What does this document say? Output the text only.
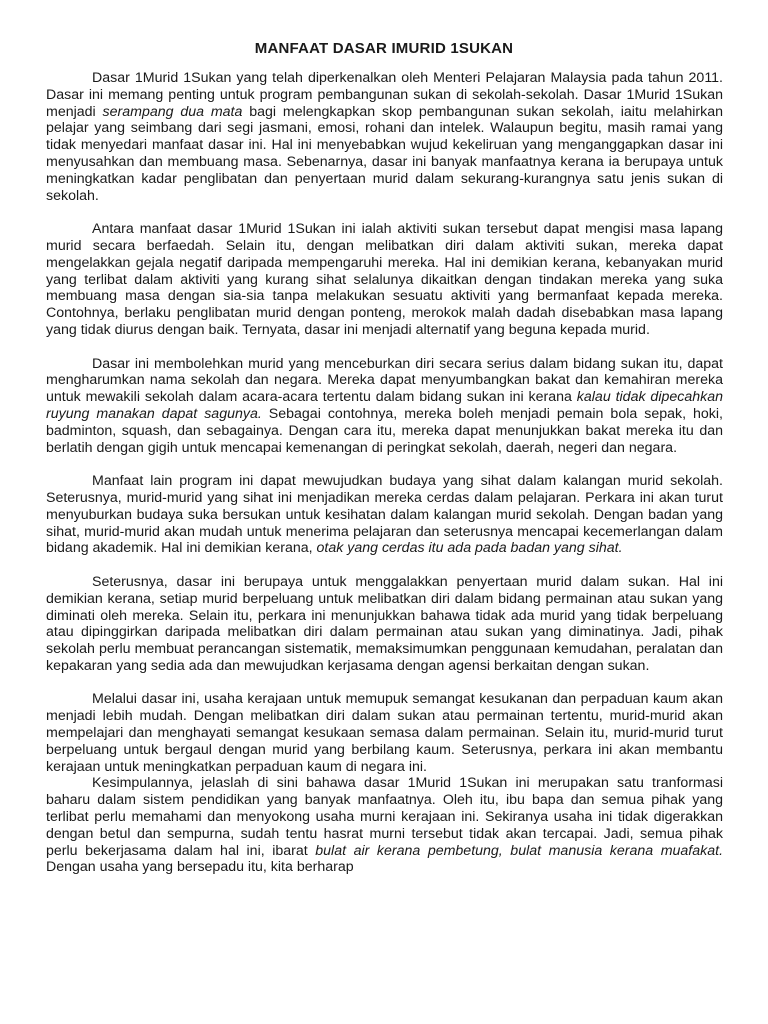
MANFAAT DASAR IMURID 1SUKAN

Dasar 1Murid 1Sukan yang telah diperkenalkan oleh Menteri Pelajaran Malaysia pada tahun 2011. Dasar ini memang penting untuk program pembangunan sukan di sekolah-sekolah. Dasar 1Murid 1Sukan menjadi serampang dua mata bagi melengkapkan skop pembangunan sukan sekolah, iaitu melahirkan pelajar yang seimbang dari segi jasmani, emosi, rohani dan intelek. Walaupun begitu, masih ramai yang tidak menyedari manfaat dasar ini. Hal ini menyebabkan wujud kekeliruan yang menganggapkan dasar ini menyusahkan dan membuang masa. Sebenarnya, dasar ini banyak manfaatnya kerana ia berupaya untuk meningkatkan kadar penglibatan dan penyertaan murid dalam sekurang-kurangnya satu jenis sukan di sekolah.

Antara manfaat dasar 1Murid 1Sukan ini ialah aktiviti sukan tersebut dapat mengisi masa lapang murid secara berfaedah. Selain itu, dengan melibatkan diri dalam aktiviti sukan, mereka dapat mengelakkan gejala negatif daripada mempengaruhi mereka. Hal ini demikian kerana, kebanyakan murid yang terlibat dalam aktiviti yang kurang sihat selalunya dikaitkan dengan tindakan mereka yang suka membuang masa dengan sia-sia tanpa melakukan sesuatu aktiviti yang bermanfaat kepada mereka. Contohnya, berlaku penglibatan murid dengan ponteng, merokok malah dadah disebabkan masa lapang yang tidak diurus dengan baik. Ternyata, dasar ini menjadi alternatif yang beguna kepada murid.

Dasar ini membolehkan murid yang menceburkan diri secara serius dalam bidang sukan itu, dapat mengharumkan nama sekolah dan negara. Mereka dapat menyumbangkan bakat dan kemahiran mereka untuk mewakili sekolah dalam acara-acara tertentu dalam bidang sukan ini kerana kalau tidak dipecahkan ruyung manakan dapat sagunya. Sebagai contohnya, mereka boleh menjadi pemain bola sepak, hoki, badminton, squash, dan sebagainya. Dengan cara itu, mereka dapat menunjukkan bakat mereka itu dan berlatih dengan gigih untuk mencapai kemenangan di peringkat sekolah, daerah, negeri dan negara.

Manfaat lain program ini dapat mewujudkan budaya yang sihat dalam kalangan murid sekolah. Seterusnya, murid-murid yang sihat ini menjadikan mereka cerdas dalam pelajaran. Perkara ini akan turut menyuburkan budaya suka bersukan untuk kesihatan dalam kalangan murid sekolah. Dengan badan yang sihat, murid-murid akan mudah untuk menerima pelajaran dan seterusnya mencapai kecemerlangan dalam bidang akademik. Hal ini demikian kerana, otak yang cerdas itu ada pada badan yang sihat.

Seterusnya, dasar ini berupaya untuk menggalakkan penyertaan murid dalam sukan. Hal ini demikian kerana, setiap murid berpeluang untuk melibatkan diri dalam bidang permainan atau sukan yang diminati oleh mereka. Selain itu, perkara ini menunjukkan bahawa tidak ada murid yang tidak berpeluang atau dipinggirkan daripada melibatkan diri dalam permainan atau sukan yang diminatinya. Jadi, pihak sekolah perlu membuat perancangan sistematik, memaksimumkan penggunaan kemudahan, peralatan dan kepakaran yang sedia ada dan mewujudkan kerjasama dengan agensi berkaitan dengan sukan.

Melalui dasar ini, usaha kerajaan untuk memupuk semangat kesukanan dan perpaduan kaum akan menjadi lebih mudah. Dengan melibatkan diri dalam sukan atau permainan tertentu, murid-murid akan mempelajari dan menghayati semangat kesukaan semasa dalam permainan. Selain itu, murid-murid turut berpeluang untuk bergaul dengan murid yang berbilang kaum. Seterusnya, perkara ini akan membantu kerajaan untuk meningkatkan perpaduan kaum di negara ini.

Kesimpulannya, jelaslah di sini bahawa dasar 1Murid 1Sukan ini merupakan satu tranformasi baharu dalam sistem pendidikan yang banyak manfaatnya. Oleh itu, ibu bapa dan semua pihak yang terlibat perlu memahami dan menyokong usaha murni kerajaan ini. Sekiranya usaha ini tidak digerakkan dengan betul dan sempurna, sudah tentu hasrat murni tersebut tidak akan tercapai. Jadi, semua pihak perlu bekerjasama dalam hal ini, ibarat bulat air kerana pembetung, bulat manusia kerana muafakat. Dengan usaha yang bersepadu itu, kita berharap
